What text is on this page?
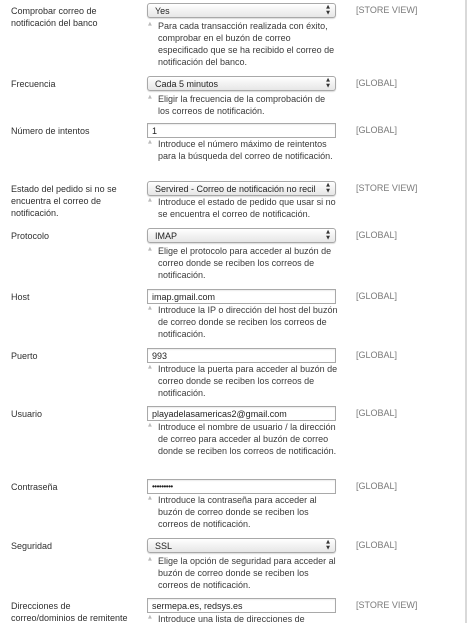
Comprobar correo de notificación del banco
Yes	▲
▼
▲ Para cada transacción realizada con éxito, comprobar en el buzón de correo especificado que se ha recibido el correo de notificación del banco.
[STORE VIEW]
Frecuencia	Cada 5 minutos	▲
▼
▲ Eligir la frecuencia de la comprobación de los correos de notificación.
[GLOBAL]
Número de intentos	1
▲ Introduce el número máximo de reintentos para la búsqueda del correo de notificación.
[GLOBAL]
Estado del pedido si no se encuentra el correo de notificación.
Servired - Correo de notificación no recil	▲
▼
▲ Introduce el estado de pedido que usar si no se encuentra el correo de notificación.
[STORE VIEW]
Protocolo	IMAP	▲
▼
▲ Elige el protocolo para acceder al buzón de correo donde se reciben los correos de notificación.
[GLOBAL]
Host	imap.gmail.com
▲ Introduce la IP o dirección del host del buzón de correo donde se reciben los correos de notificación.
[GLOBAL]
Puerto	993
▲ Introduce la puerta para acceder al buzón de correo donde se reciben los correos de notificación.
[GLOBAL]
Usuario	playadelasamericas2@gmail.com
▲ Introduce el nombre de usuario / la dirección de correo para acceder al buzón de correo donde se reciben los correos de notificación.
[GLOBAL]
Contraseña	•••••••••
▲ Introduce la contraseña para acceder al buzón de correo donde se reciben los correos de notificación.
[GLOBAL]
Seguridad	SSL	▲
▼
▲ Elige la opción de seguridad para acceder al buzón de correo donde se reciben los correos de notificación.
[GLOBAL]
Direcciones de correo/dominios de remitente
sermepa.es, redsys.es
▲ Introduce una lista de direcciones de
[STORE VIEW]
